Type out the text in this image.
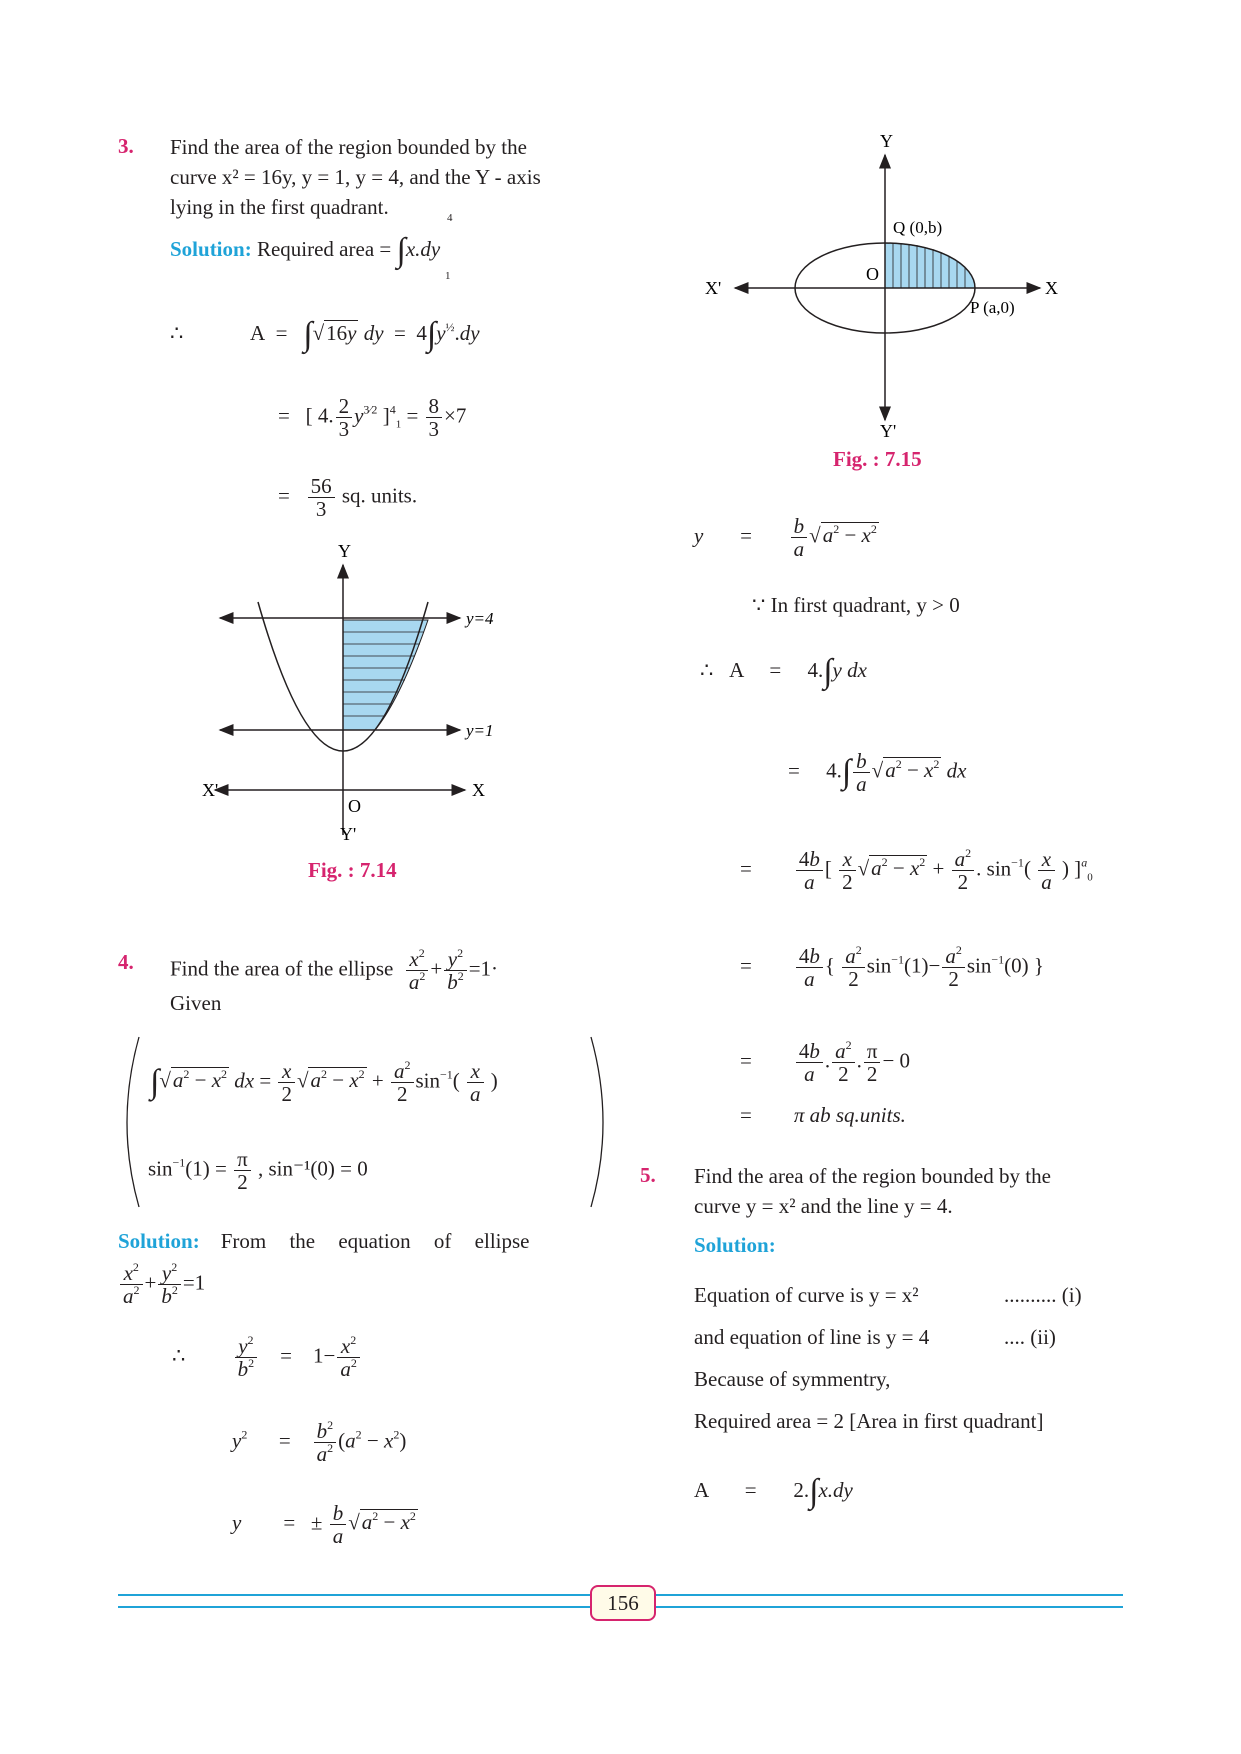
3. Find the area of the region bounded by the
curve x² = 16y, y = 1, y = 4, and the Y - axis
lying in the first quadrant.
Solution: Required area = ∫x.dy
4
1
∴	A  =   ∫√16y dy  =  $4\int y^{\frac{1}{2}}.dy$
=   [ 4. $\frac{2}{3} y^{3⁄2}$ ]$^4_1 = \frac{8}{3} \times 7$
= $\frac{56}{3}$ sq. units.
Y
Y'
X
X'
O
y=4
y=1
Fig. : 7.14
4. Find the area of the ellipse $\frac{x^2}{a^2} + \frac{y^2}{b^2} =1\cdot$
Given
$\int√a^2 - x^2$ dx = $\frac{x}{2} √a^2 - x^2 + \frac{a^2}{2} \sin^{-1}( \frac{x}{a}$ )
$\sin^{-1}(1) = \frac{\pi}{2}$ , sin⁻¹(0) = 0
Solution: From the equation of ellipse
$\frac{x^2}{a^2} + \frac{y^2}{b^2} =1$
∴ $\frac{y^2}{b^2}$ =    $1- \frac{x^2}{a^2}$
$y^2$      = $\frac{b^2}{a^2} (a^2 - x^2)$
y        =   ± $\frac{b}{a} √a^2 - x^2$
Y
Y'
X
X'
O
Q (0,b)
P (a,0)
Fig. : 7.15
y       = $\frac{b}{a} √a^2 - x^2$
∵ In first quadrant, y > 0
∴   A     =     4.∫y dx
=     $4.\int \frac{b}{a} √a^2 - x^2$ dx
= $\frac{4b}{a}$ [ $\frac{x}{2} √a^2 - x^2 + \frac{a^2}{2}$ . $\sin^{-1}( \frac{x}{a}$ ) ]$^a_0$
= $\frac{4b}{a}$ { $\frac{a^2}{2} \sin^{-1}(1)- \frac{a^2}{2} \sin^{-1}(0)$ }
= $\frac{4b}{a}$ . $\frac{a^2}{2}$ . $\frac{\pi}{2} - 0$
=        π ab sq.units.
5. Find the area of the region bounded by the
curve y = x² and the line y = 4.
Solution:
Equation of curve is y = x²	.......... (i)
and equation of line is y = 4	.... (ii)
Because of symmentry,
Required area = 2 [Area in first quadrant]
A       =       2.∫x.dy
156
